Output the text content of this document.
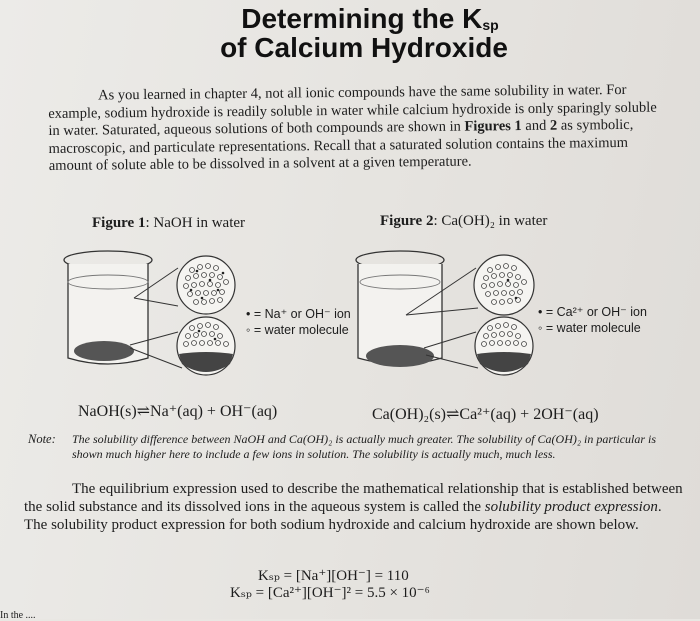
Determining the $K_{sp}$
of Calcium Hydroxide
As you learned in chapter 4, not all ionic compounds have the same solubility in water. For example, sodium hydroxide is readily soluble in water while calcium hydroxide is only sparingly soluble in water. Saturated, aqueous solutions of both compounds are shown in Figures 1 and 2 as symbolic, macroscopic, and particulate representations. Recall that a saturated solution contains the maximum amount of solute able to be dissolved in a solvent at a given temperature.
Figure 1: NaOH in water	Figure 2: Ca(OH)₂ in water
• = Na⁺ or OH⁻ ion
◦ = water molecule
• = Ca²⁺ or OH⁻ ion
◦ = water molecule
NaOH(s)⇌Na⁺(aq) + OH⁻(aq)	Ca(OH)₂(s)⇌Ca²⁺(aq) + 2OH⁻(aq)
Note: The solubility difference between NaOH and Ca(OH)₂ is actually much greater. The solubility of Ca(OH)₂ in particular is shown much higher here to include a few ions in solution. The solubility is actually much, much less.
The equilibrium expression used to describe the mathematical relationship that is established between the solid substance and its dissolved ions in the aqueous system is called the solubility product expression. The solubility product expression for both sodium hydroxide and calcium hydroxide are shown below.
Kₛₚ = [Na⁺][OH⁻] = 110
Kₛₚ = [Ca²⁺][OH⁻]² = 5.5 × 10⁻⁶
In the ....
